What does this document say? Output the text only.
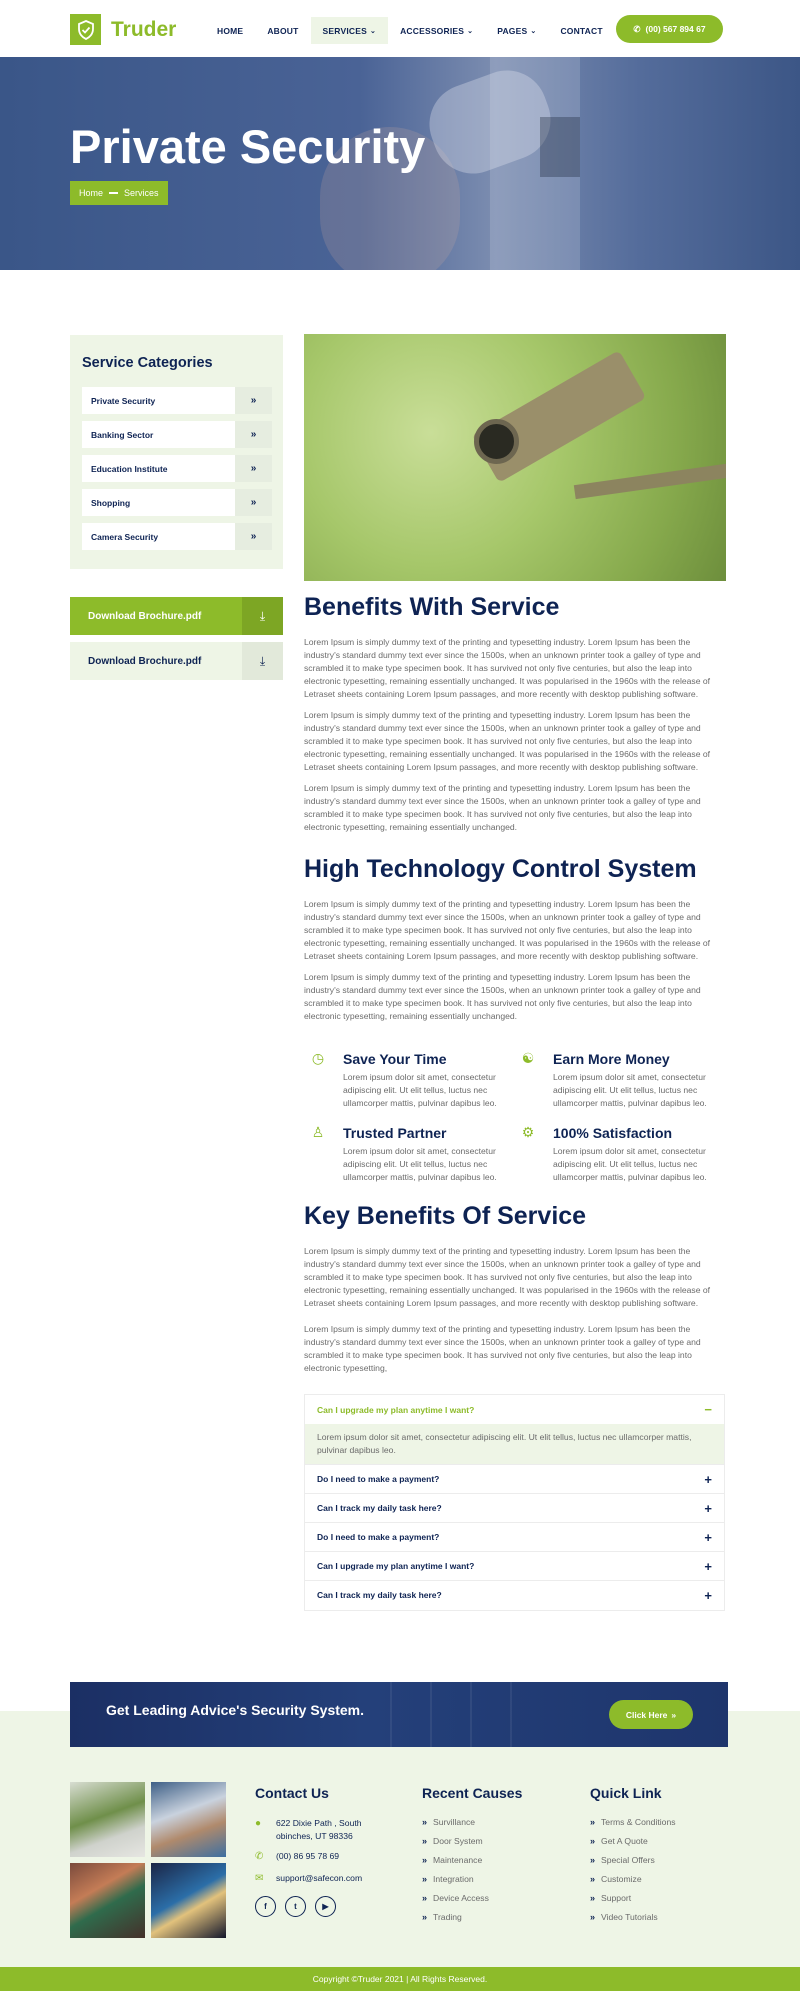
Truder	HOME	ABOUT	SERVICES ⌄	ACCESSORIES ⌄	PAGES ⌄	CONTACT	✆ (00) 567 894 67
Private Security
Home Services
Service Categories
Private Security	»
Banking Sector	»
Education Institute	»
Shopping	»
Camera Security	»
Download Brochure.pdf	⤓
Download Brochure.pdf	⤓
Benefits With Service

Lorem Ipsum is simply dummy text of the printing and typesetting industry. Lorem Ipsum has been the industry's standard dummy text ever since the 1500s, when an unknown printer took a galley of type and scrambled it to make type specimen book. It has survived not only five centuries, but also the leap into electronic typesetting, remaining essentially unchanged. It was popularised in the 1960s with the release of Letraset sheets containing Lorem Ipsum passages, and more recently with desktop publishing software.

Lorem Ipsum is simply dummy text of the printing and typesetting industry. Lorem Ipsum has been the industry's standard dummy text ever since the 1500s, when an unknown printer took a galley of type and scrambled it to make type specimen book. It has survived not only five centuries, but also the leap into electronic typesetting, remaining essentially unchanged. It was popularised in the 1960s with the release of Letraset sheets containing Lorem Ipsum passages, and more recently with desktop publishing software.

Lorem Ipsum is simply dummy text of the printing and typesetting industry. Lorem Ipsum has been the industry's standard dummy text ever since the 1500s, when an unknown printer took a galley of type and scrambled it to make type specimen book. It has survived not only five centuries, but also the leap into electronic typesetting, remaining essentially unchanged.

High Technology Control System

Lorem Ipsum is simply dummy text of the printing and typesetting industry. Lorem Ipsum has been the industry's standard dummy text ever since the 1500s, when an unknown printer took a galley of type and scrambled it to make type specimen book. It has survived not only five centuries, but also the leap into electronic typesetting, remaining essentially unchanged. It was popularised in the 1960s with the release of Letraset sheets containing Lorem Ipsum passages, and more recently with desktop publishing software.

Lorem Ipsum is simply dummy text of the printing and typesetting industry. Lorem Ipsum has been the industry's standard dummy text ever since the 1500s, when an unknown printer took a galley of type and scrambled it to make type specimen book. It has survived not only five centuries, but also the leap into electronic typesetting, remaining essentially unchanged.

◷ Save Your Time
Lorem ipsum dolor sit amet, consectetur adipiscing elit. Ut elit tellus, luctus nec ullamcorper mattis, pulvinar dapibus leo.
☯ Earn More Money
Lorem ipsum dolor sit amet, consectetur adipiscing elit. Ut elit tellus, luctus nec ullamcorper mattis, pulvinar dapibus leo.
♙ Trusted Partner
Lorem ipsum dolor sit amet, consectetur adipiscing elit. Ut elit tellus, luctus nec ullamcorper mattis, pulvinar dapibus leo.
⚙ 100% Satisfaction
Lorem ipsum dolor sit amet, consectetur adipiscing elit. Ut elit tellus, luctus nec ullamcorper mattis, pulvinar dapibus leo.
Key Benefits Of Service

Lorem Ipsum is simply dummy text of the printing and typesetting industry. Lorem Ipsum has been the industry's standard dummy text ever since the 1500s, when an unknown printer took a galley of type and scrambled it to make type specimen book. It has survived not only five centuries, but also the leap into electronic typesetting, remaining essentially unchanged. It was popularised in the 1960s with the release of Letraset sheets containing Lorem Ipsum passages, and more recently with desktop publishing software.

Lorem Ipsum is simply dummy text of the printing and typesetting industry. Lorem Ipsum has been the industry's standard dummy text ever since the 1500s, when an unknown printer took a galley of type and scrambled it to make type specimen book. It has survived not only five centuries, but also the leap into electronic typesetting,

Can I upgrade my plan anytime I want?	−
Lorem ipsum dolor sit amet, consectetur adipiscing elit. Ut elit tellus, luctus nec ullamcorper mattis, pulvinar dapibus leo.
Do I need to make a payment?	+
Can I track my daily task here?	+
Do I need to make a payment?	+
Can I upgrade my plan anytime I want?	+
Can I track my daily task here?	+
Get Leading Advice's Security System.	Click Here »
Contact Us
●	622 Dixie Path , South
obinches, UT 98336
✆	(00) 86 95 78 69
✉	support@safecon.com
f	t	▶
Recent Causes
» Survillance
» Door System
» Maintenance
» Integration
» Device Access
» Trading
Quick Link
» Terms & Conditions
» Get A Quote
» Special Offers
» Customize
» Support
» Video Tutorials
Copyright ©Truder 2021 | All Rights Reserved.
